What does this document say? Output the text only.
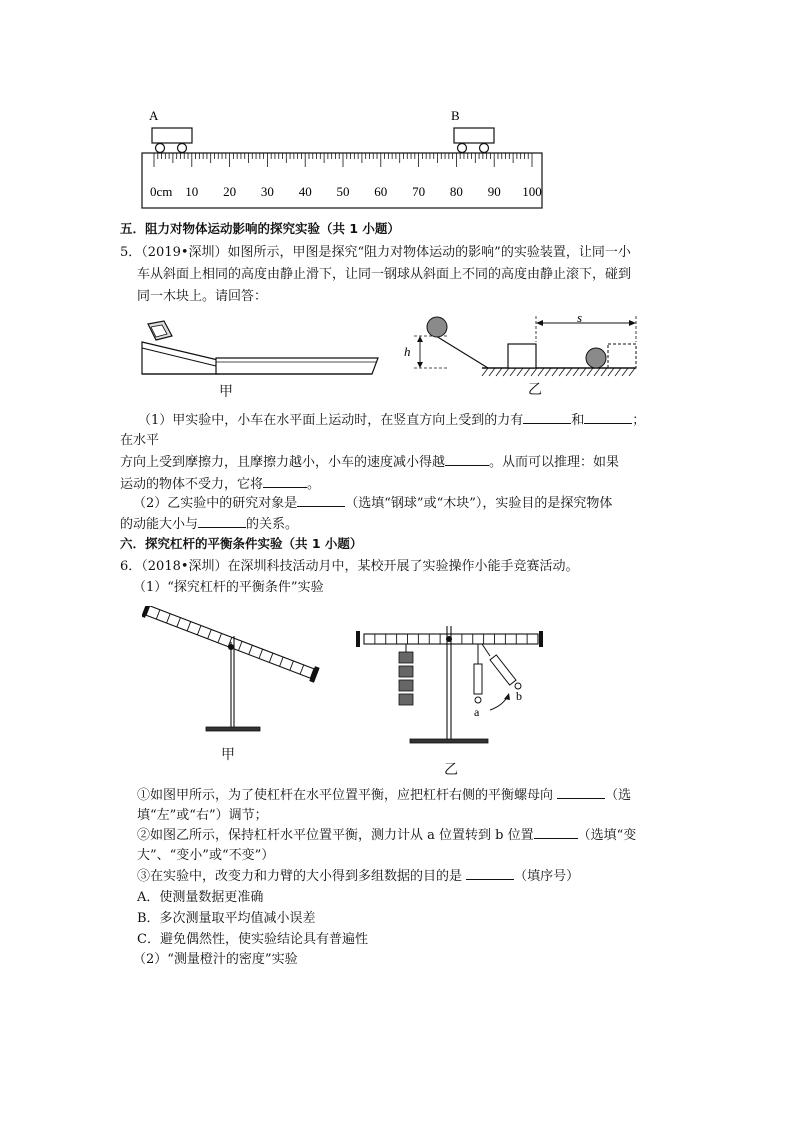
A	B
0cm 10 20 30 40 50 60 70 80 90 100
五．阻力对物体运动影响的探究实验（共 1 小题）
5．（2019•深圳）如图所示，甲图是探究“阻力对物体运动的影响”的实验装置，让同一小
车从斜面上相同的高度由静止滑下，让同一钢球从斜面上不同的高度由静止滚下，碰到
同一木块上。请回答：
甲
h
s
乙
（1）甲实验中，小车在水平面上运动时，在竖直方向上受到的力有	和	；
在水平
方向上受到摩擦力，且摩擦力越小，小车的速度减小得越	。从而可以推理：如果
运动的物体不受力，它将	。
（2）乙实验中的研究对象是	（选填“钢球”或“木块”），实验目的是探究物体
的动能大小与	的关系。
六．探究杠杆的平衡条件实验（共 1 小题）
6．（2018•深圳）在深圳科技活动月中，某校开展了实验操作小能手竞赛活动。
（1）“探究杠杆的平衡条件”实验
甲
a
b
乙
①如图甲所示，为了使杠杆在水平位置平衡，应把杠杆右侧的平衡螺母向	（选
填“左”或“右”）调节；
②如图乙所示，保持杠杆水平位置平衡，测力计从 a 位置转到 b 位置	（选填“变
大”、“变小”或“不变”）
③在实验中，改变力和力臂的大小得到多组数据的目的是	（填序号）
A．使测量数据更准确
B．多次测量取平均值减小误差
C．避免偶然性，使实验结论具有普遍性
（2）“测量橙汁的密度”实验
